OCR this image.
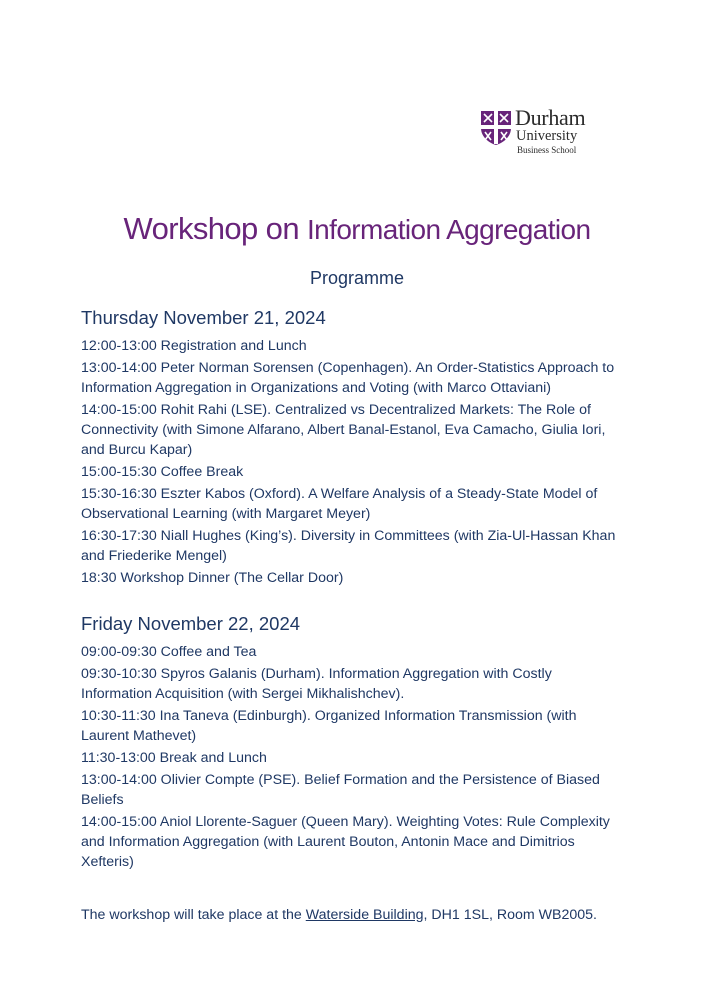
Durham
University
Business School
Workshop on Information Aggregation
Programme
Thursday November 21, 2024
12:00-13:00 Registration and Lunch
13:00-14:00 Peter Norman Sorensen (Copenhagen). An Order-Statistics Approach to
Information Aggregation in Organizations and Voting (with Marco Ottaviani)
14:00-15:00 Rohit Rahi (LSE). Centralized vs Decentralized Markets: The Role of
Connectivity (with Simone Alfarano, Albert Banal-Estanol, Eva Camacho, Giulia Iori,
and Burcu Kapar)
15:00-15:30 Coffee Break
15:30-16:30 Eszter Kabos (Oxford). A Welfare Analysis of a Steady-State Model of
Observational Learning (with Margaret Meyer)
16:30-17:30 Niall Hughes (King’s). Diversity in Committees (with Zia-Ul-Hassan Khan
and Friederike Mengel)
18:30 Workshop Dinner (The Cellar Door)
Friday November 22, 2024
09:00-09:30 Coffee and Tea
09:30-10:30 Spyros Galanis (Durham). Information Aggregation with Costly
Information Acquisition (with Sergei Mikhalishchev).
10:30-11:30 Ina Taneva (Edinburgh). Organized Information Transmission (with
Laurent Mathevet)
11:30-13:00 Break and Lunch
13:00-14:00 Olivier Compte (PSE). Belief Formation and the Persistence of Biased
Beliefs
14:00-15:00 Aniol Llorente-Saguer (Queen Mary). Weighting Votes: Rule Complexity
and Information Aggregation (with Laurent Bouton, Antonin Mace and Dimitrios
Xefteris)
The workshop will take place at the Waterside Building, DH1 1SL, Room WB2005.
